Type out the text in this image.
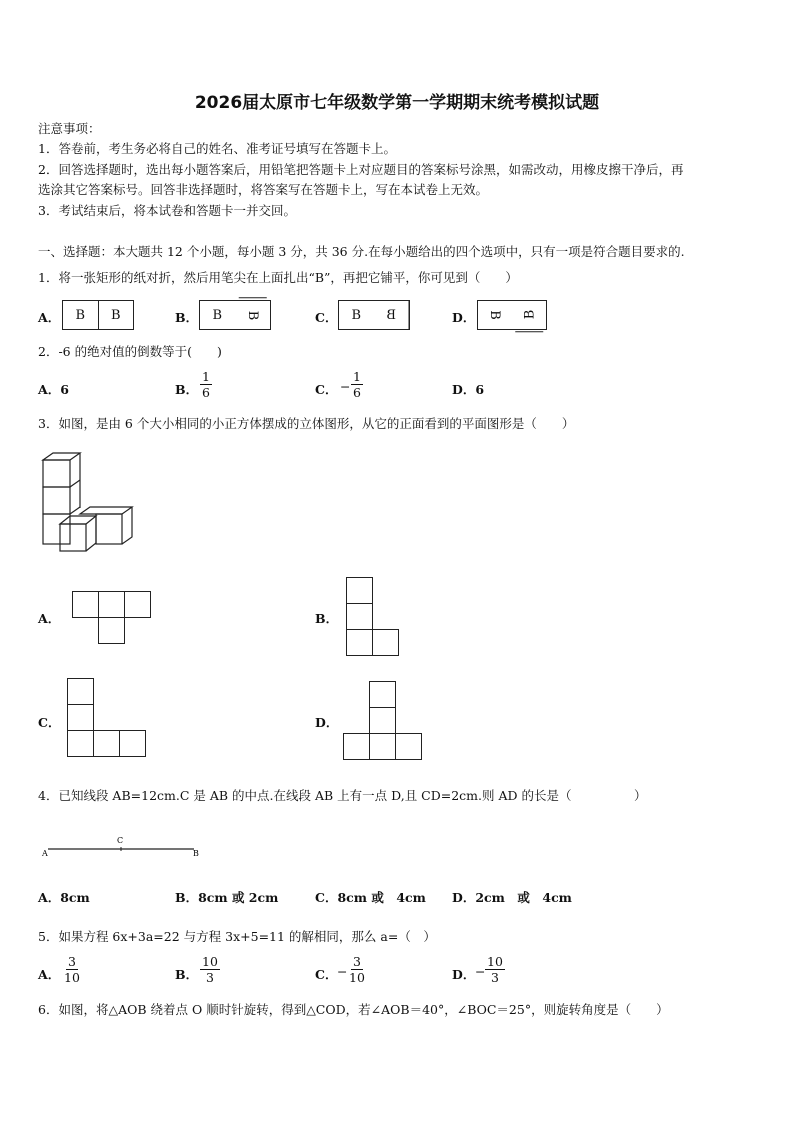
2026届太原市七年级数学第一学期期末统考模拟试题
注意事项：
1．答卷前，考生务必将自己的姓名、准考证号填写在答题卡上。
2．回答选择题时，选出每小题答案后，用铅笔把答题卡上对应题目的答案标号涂黑，如需改动，用橡皮擦干净后，再
选涂其它答案标号。回答非选择题时，将答案写在答题卡上，写在本试卷上无效。
3．考试结束后，将本试卷和答题卡一并交回。
一、选择题：本大题共 12 个小题，每小题 3 分，共 36 分.在每小题给出的四个选项中，只有一项是符合题目要求的.
1．将一张矩形的纸对折，然后用笔尖在上面扎出“B”，再把它铺平，你可见到（　　）
A．	B	B	B．	B	B	C．	B	B	D． B	B
2．-6 的绝对值的倒数等于(　　)
A．6	B． $\frac{1}{6}$	C． − $\frac{1}{6}$	D．6
3．如图，是由 6 个大小相同的小正方体摆成的立体图形，从它的正面看到的平面图形是（　　）
A．	B．
C．	D．
4．已知线段 AB=12cm.C 是 AB 的中点.在线段 AB 上有一点 D,且 CD=2cm.则 AD 的长是（　　　　　）
A
C
B
A．8cm	B．8cm 或 2cm	C．8cm 或　4cm D．2cm　或　4cm
5．如果方程 6x+3a=22 与方程 3x+5=11 的解相同，那么 a=（　）
A． $\frac{3}{10}$	B． $\frac{10}{3}$	C． − $\frac{3}{10}$	D． − $\frac{10}{3}$
6．如图，将△AOB 绕着点 O 顺时针旋转，得到△COD，若∠AOB＝40°，∠BOC＝25°，则旋转角度是（　　）
